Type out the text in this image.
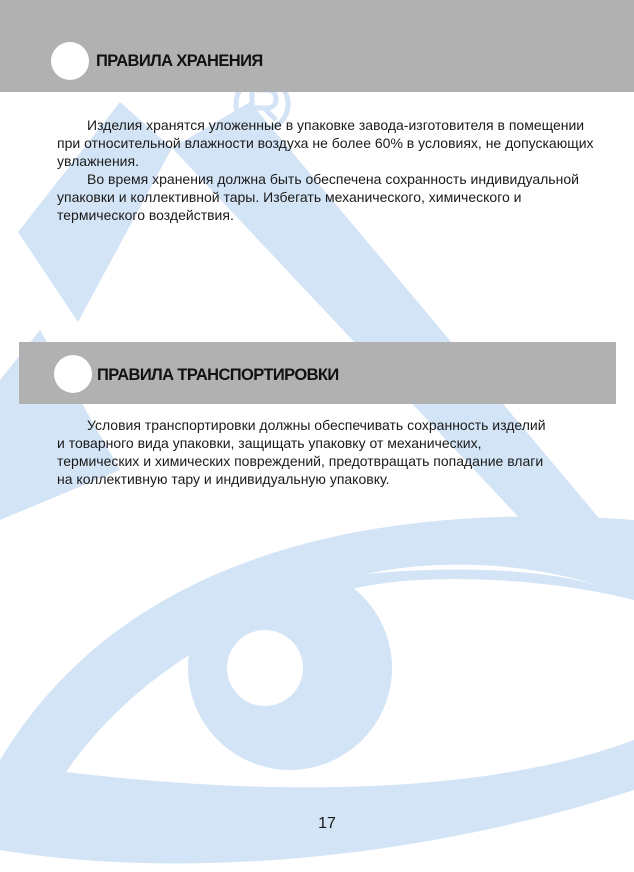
ПРАВИЛА ХРАНЕНИЯ

Изделия хранятся уложенные в упаковке завода-изготовителя в помещении при относительной влажности воздуха не более 60% в условиях, не допускающих увлажнения.

Во время хранения должна быть обеспечена сохранность индивидуальной упаковки и коллективной тары. Избегать механического, химического и термического воздействия.

ПРАВИЛА ТРАНСПОРТИРОВКИ

Условия транспортировки должны обеспечивать сохранность изделий и товарного вида упаковки, защищать упаковку от механических, термических и химических повреждений, предотвращать попадание влаги на коллективную тару и индивидуальную упаковку.

17
